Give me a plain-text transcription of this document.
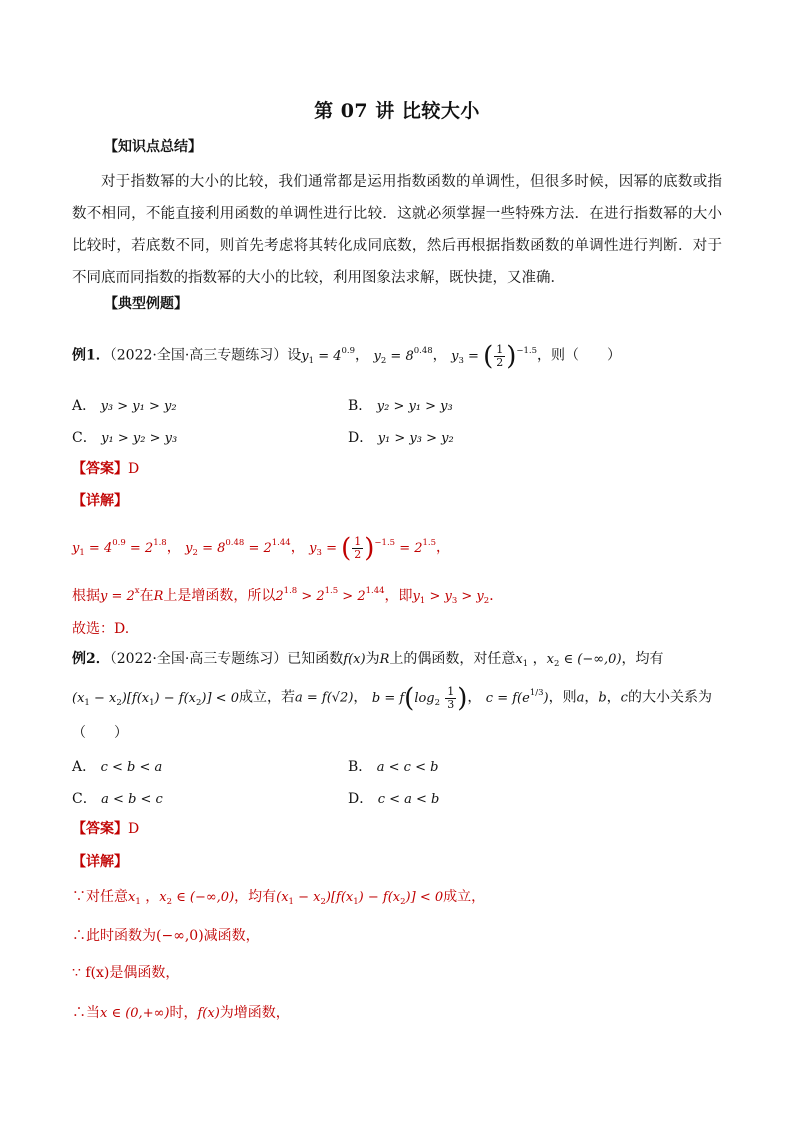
第 07 讲 比较大小
【知识点总结】
对于指数幂的大小的比较，我们通常都是运用指数函数的单调性，但很多时候，因幂的底数或指数不相同，不能直接利用函数的单调性进行比较．这就必须掌握一些特殊方法．在进行指数幂的大小比较时，若底数不同，则首先考虑将其转化成同底数，然后再根据指数函数的单调性进行判断．对于不同底而同指数的指数幂的大小的比较，利用图象法求解，既快捷，又准确．
【典型例题】
例1．（2022·全国·高三专题练习）设$y_1 = 4^{0.9}$， $y_2 = 8^{0.48}$， $y_3$ = ( $\frac{1}{2} )^{-1.5}$，则（　　）
A． y₃ > y₁ > y₂	B． y₂ > y₁ > y₃
C． y₁ > y₂ > y₃	D． y₁ > y₃ > y₂
【答案】D
【详解】
$y_1 = 4^{0.9} = 2^{1.8}$， $y_2 = 8^{0.48} = 2^{1.44}$， $y_3$ = ( $\frac{1}{2} )^{-1.5} = 2^{1.5}$，
根据$y = 2^x$在R上是增函数，所以$2^{1.8} > 2^{1.5} > 2^{1.44}$，即$y_1 > y_3 > y_2$．
故选：D.
例2．（2022·全国·高三专题练习）已知函数f(x)为R上的偶函数，对任意$x_1$ ，$x_2$ ∈ (−∞,0)，均有
$(x_1 - x_2)[f(x_1) - f(x_2)] < 0$成立，若a = f(√2)， $b = f(\log_2 \frac{1}{3}$ )， $c = f(e^{1/3})$，则a，b，c的大小关系为
（　　）
A． c < b < a	B． a < c < b
C． a < b < c	D． c < a < b
【答案】D
【详解】
∵对任意$x_1$ ，$x_2$ ∈ (−∞,0)，均有$(x_1 - x_2)[f(x_1) - f(x_2)] < 0$成立，
∴此时函数为(−∞,0)减函数，
∵ f(x)是偶函数，
∴当x ∈ (0,+∞)时，f(x)为增函数，
